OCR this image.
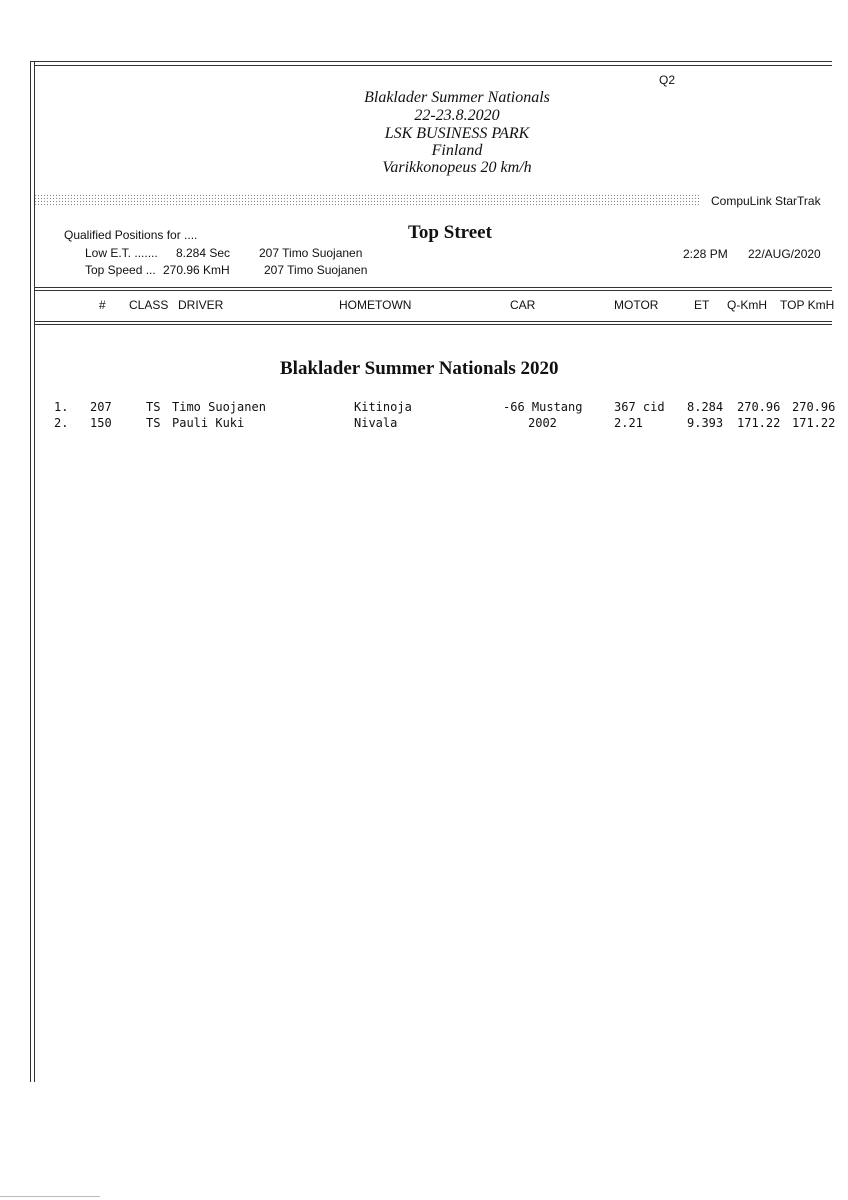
Q2
Blaklader Summer Nationals
22-23.8.2020
LSK BUSINESS PARK
Finland
Varikkonopeus 20 km/h
CompuLink StarTrak
Qualified Positions for ....	Top Street
Low E.T. ....... 8.284 Sec 207 Timo Suojanen
Top Speed ... 270.96 KmH	207 Timo Suojanen
2:28 PM 22/AUG/2020
# CLASS DRIVER	HOMETOWN	CAR	MOTOR	ET Q-KmH TOP KmH
Blaklader Summer Nationals 2020
1. 207	TS Timo Suojanen	Kitinoja	-66 Mustang	367 cid 8.284 270.96 270.96
2. 150	TS Pauli Kuki	Nivala	2002	2.21	9.393 171.22 171.22
